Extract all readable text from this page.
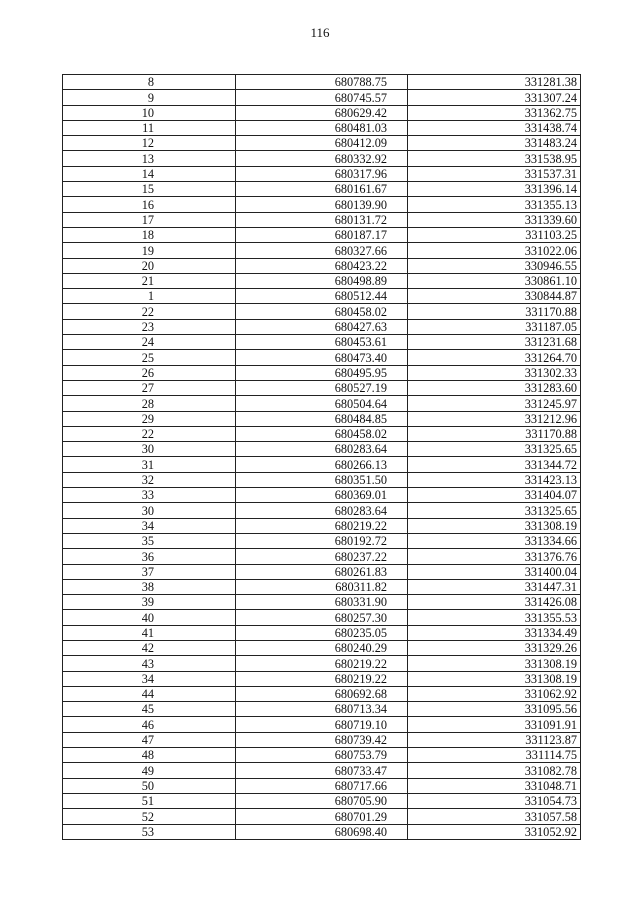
116
8	680788.75	331281.38
9	680745.57	331307.24
10	680629.42	331362.75
11	680481.03	331438.74
12	680412.09	331483.24
13	680332.92	331538.95
14	680317.96	331537.31
15	680161.67	331396.14
16	680139.90	331355.13
17	680131.72	331339.60
18	680187.17	331103.25
19	680327.66	331022.06
20	680423.22	330946.55
21	680498.89	330861.10
1	680512.44	330844.87
22	680458.02	331170.88
23	680427.63	331187.05
24	680453.61	331231.68
25	680473.40	331264.70
26	680495.95	331302.33
27	680527.19	331283.60
28	680504.64	331245.97
29	680484.85	331212.96
22	680458.02	331170.88
30	680283.64	331325.65
31	680266.13	331344.72
32	680351.50	331423.13
33	680369.01	331404.07
30	680283.64	331325.65
34	680219.22	331308.19
35	680192.72	331334.66
36	680237.22	331376.76
37	680261.83	331400.04
38	680311.82	331447.31
39	680331.90	331426.08
40	680257.30	331355.53
41	680235.05	331334.49
42	680240.29	331329.26
43	680219.22	331308.19
34	680219.22	331308.19
44	680692.68	331062.92
45	680713.34	331095.56
46	680719.10	331091.91
47	680739.42	331123.87
48	680753.79	331114.75
49	680733.47	331082.78
50	680717.66	331048.71
51	680705.90	331054.73
52	680701.29	331057.58
53	680698.40	331052.92
